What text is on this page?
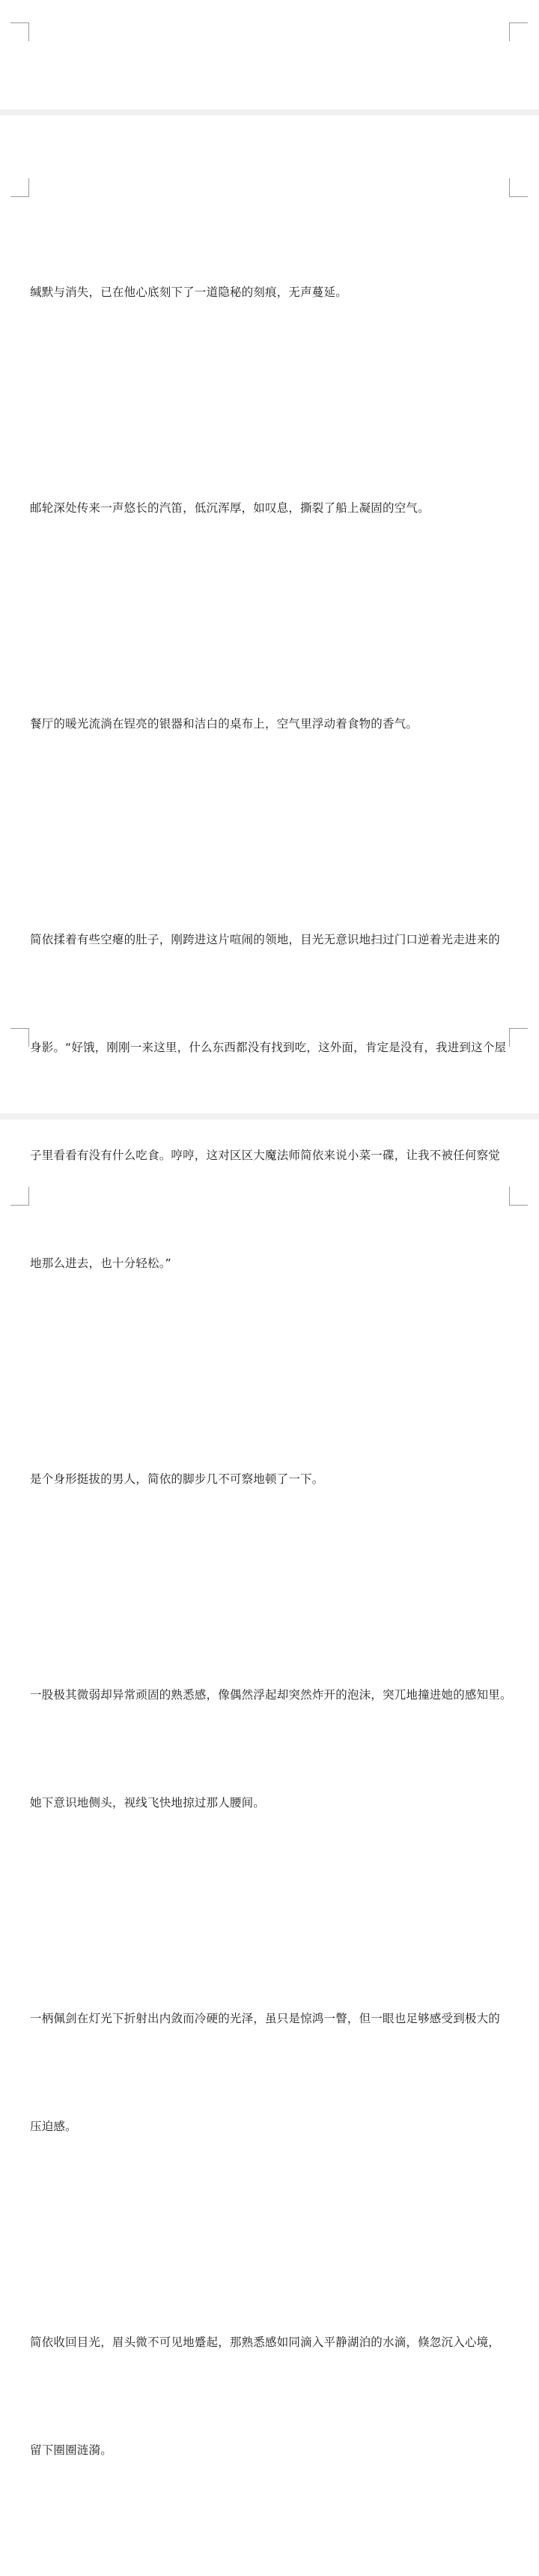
缄默与消失，已在他心底刻下了一道隐秘的刻痕，无声蔓延。

邮轮深处传来一声悠长的汽笛，低沉浑厚，如叹息，撕裂了船上凝固的空气。

餐厅的暖光流淌在锃亮的银器和洁白的桌布上，空气里浮动着食物的香气。

简依揉着有些空瘪的肚子，刚跨进这片喧闹的领地，目光无意识地扫过门口逆着光走进来的

身影。“好饿，刚刚一来这里，什么东西都没有找到吃，这外面，肯定是没有，我进到这个屋

子里看看有没有什么吃食。哼哼，这对区区大魔法师简依来说小菜一碟，让我不被任何察觉

地那么进去，也十分轻松。”

是个身形挺拔的男人，简依的脚步几不可察地顿了一下。

一股极其微弱却异常顽固的熟悉感，像偶然浮起却突然炸开的泡沫，突兀地撞进她的感知里。

她下意识地侧头，视线飞快地掠过那人腰间。

一柄佩剑在灯光下折射出内敛而冷硬的光泽，虽只是惊鸿一瞥，但一眼也足够感受到极大的

压迫感。

简依收回目光，眉头微不可见地蹙起，那熟悉感如同滴入平静湖泊的水滴，倏忽沉入心境，

留下圈圈涟漪。
